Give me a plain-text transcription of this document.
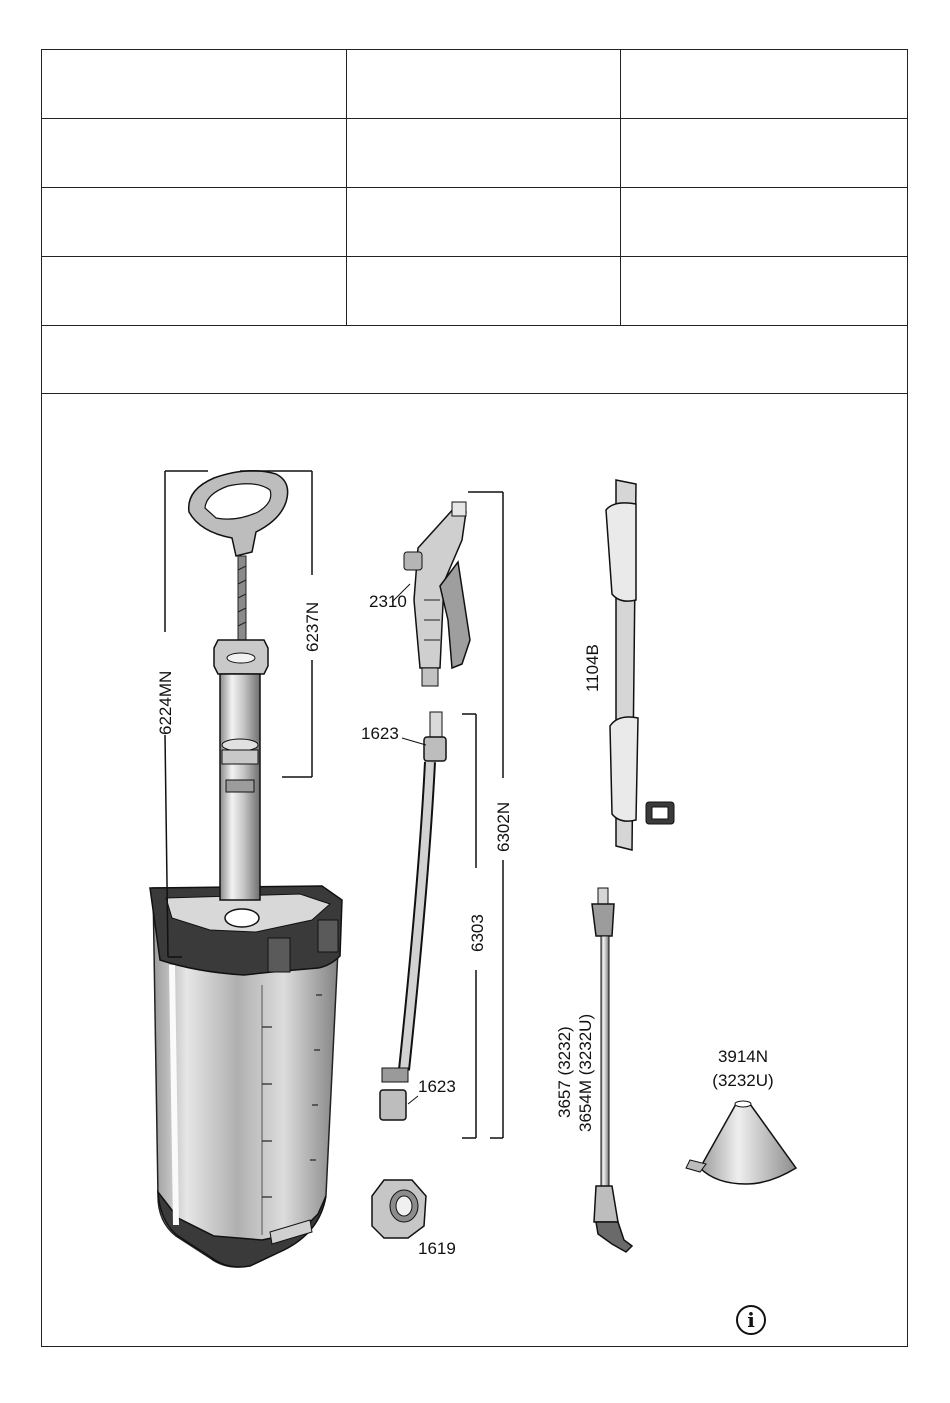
6224MN
6237N
2310
6302N
6303
1623
1623
1619
1104B
3657 (3232) 3654M (3232U)	3914N
(3232U)
i
